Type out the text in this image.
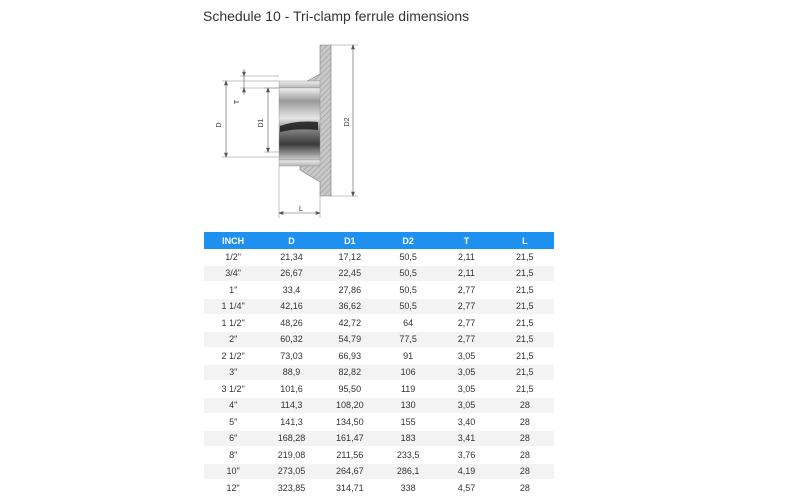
Schedule 10 - Tri-clamp ferrule dimensions
D
T
D1	D2
L
INCH	D	D1	D2	T	L
1/2"	21,34	17,12	50,5	2,11	21,5
3/4"	26,67	22,45	50,5	2,11	21,5
1"	33,4	27,86	50,5	2,77	21,5
1 1/4"	42,16	36,62	50,5	2,77	21,5
1 1/2"	48,26	42,72	64	2,77	21,5
2"	60,32	54,79	77,5	2,77	21,5
2 1/2"	73,03	66,93	91	3,05	21,5
3"	88,9	82,82	106	3,05	21,5
3 1/2"	101,6	95,50	119	3,05	21,5
4"	114,3	108,20	130	3,05	28
5"	141,3	134,50	155	3,40	28
6"	168,28	161,47	183	3,41	28
8"	219,08	211,56	233,5	3,76	28
10"	273,05	264,67	286,1	4,19	28
12"	323,85	314,71	338	4,57	28
